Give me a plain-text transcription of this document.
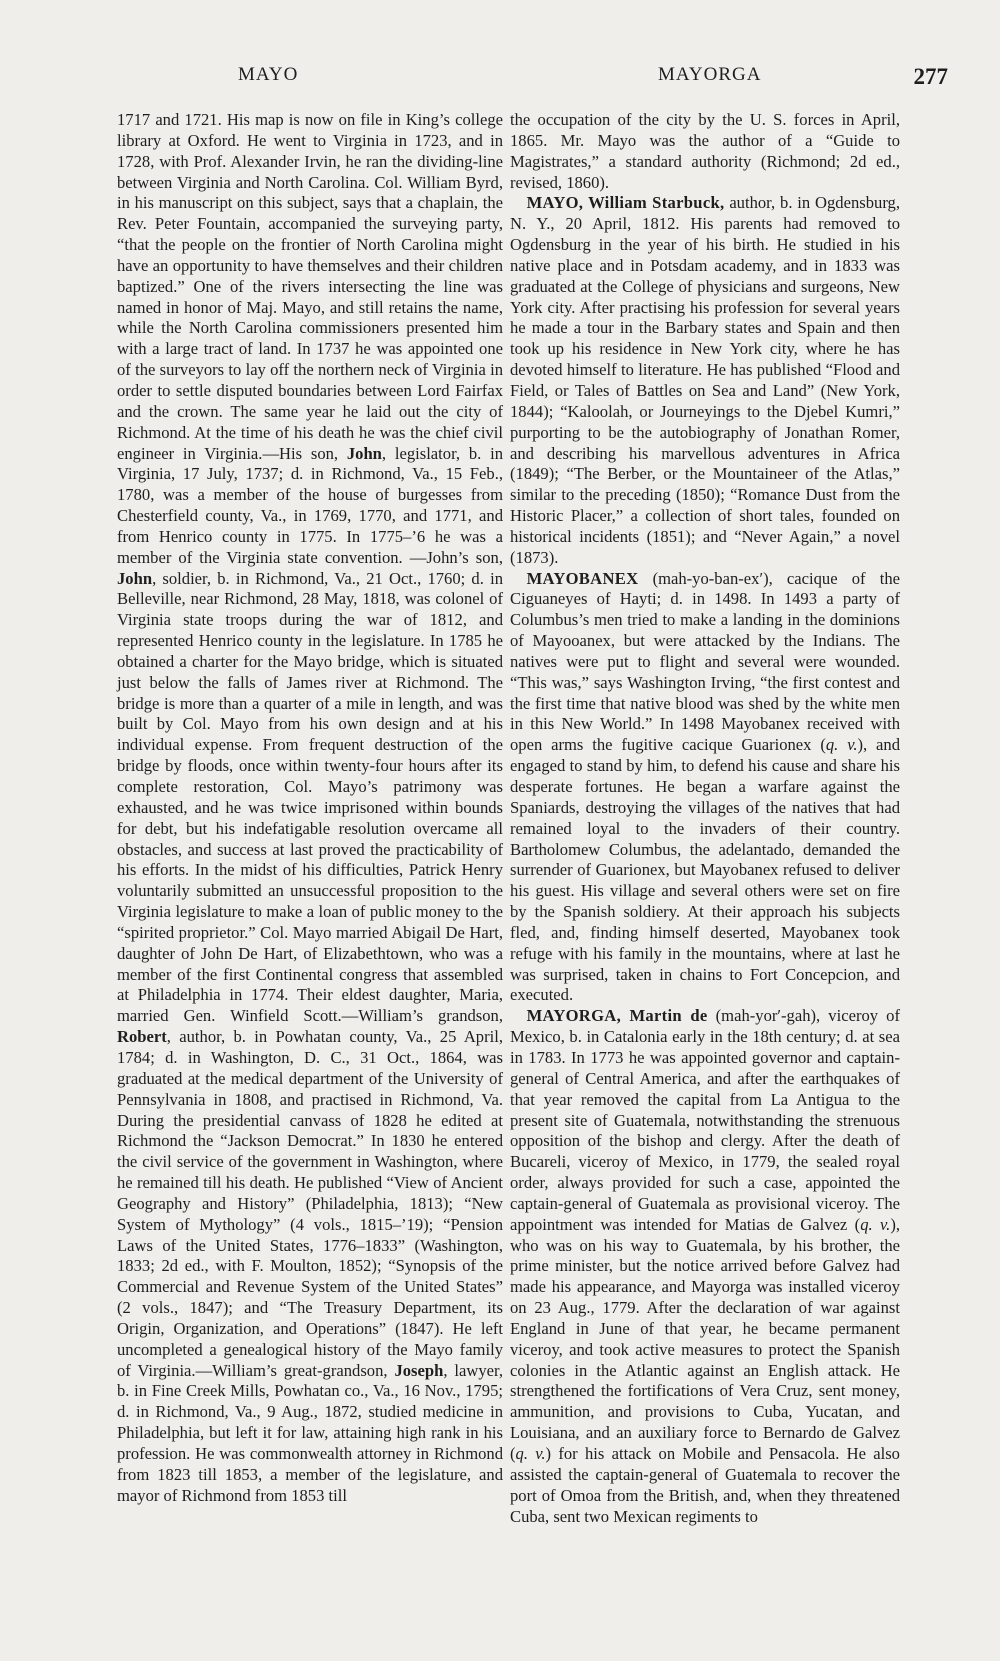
MAYO	MAYORGA	277

1717 and 1721. His map is now on file in King’s college library at Oxford. He went to Virginia in 1723, and in 1728, with Prof. Alexander Irvin, he ran the dividing-line between Virginia and North Carolina. Col. William Byrd, in his manuscript on this subject, says that a chaplain, the Rev. Peter Fountain, accompanied the surveying party, “that the people on the frontier of North Carolina might have an opportunity to have themselves and their children baptized.” One of the rivers intersecting the line was named in honor of Maj. Mayo, and still retains the name, while the North Carolina commissioners presented him with a large tract of land. In 1737 he was appointed one of the surveyors to lay off the northern neck of Virginia in order to settle disputed boundaries between Lord Fairfax and the crown. The same year he laid out the city of Richmond. At the time of his death he was the chief civil engineer in Virginia.—His son, John, legislator, b. in Virginia, 17 July, 1737; d. in Richmond, Va., 15 Feb., 1780, was a member of the house of burgesses from Chesterfield county, Va., in 1769, 1770, and 1771, and from Henrico county in 1775. In 1775–’6 he was a member of the Virginia state convention. —John’s son, John, soldier, b. in Richmond, Va., 21 Oct., 1760; d. in Belleville, near Richmond, 28 May, 1818, was colonel of Virginia state troops during the war of 1812, and represented Henrico county in the legislature. In 1785 he obtained a charter for the Mayo bridge, which is situated just below the falls of James river at Richmond. The bridge is more than a quarter of a mile in length, and was built by Col. Mayo from his own design and at his individual expense. From frequent destruction of the bridge by floods, once within twenty-four hours after its complete restoration, Col. Mayo’s patrimony was exhausted, and he was twice imprisoned within bounds for debt, but his indefatigable resolution overcame all obstacles, and success at last proved the practicability of his efforts. In the midst of his difficulties, Patrick Henry voluntarily submitted an unsuccessful proposition to the Virginia legislature to make a loan of public money to the “spirited proprietor.” Col. Mayo married Abigail De Hart, daughter of John De Hart, of Elizabethtown, who was a member of the first Continental congress that assembled at Philadelphia in 1774. Their eldest daughter, Maria, married Gen. Winfield Scott.—William’s grandson, Robert, author, b. in Powhatan county, Va., 25 April, 1784; d. in Washington, D. C., 31 Oct., 1864, was graduated at the medical department of the University of Pennsylvania in 1808, and practised in Richmond, Va. During the presidential canvass of 1828 he edited at Richmond the “Jackson Democrat.” In 1830 he entered the civil service of the government in Washington, where he remained till his death. He published “View of Ancient Geography and History” (Philadelphia, 1813); “New System of Mythology” (4 vols., 1815–’19); “Pension Laws of the United States, 1776–1833” (Washington, 1833; 2d ed., with F. Moulton, 1852); “Synopsis of the Commercial and Revenue System of the United States” (2 vols., 1847); and “The Treasury Department, its Origin, Organization, and Operations” (1847). He left uncompleted a genealogical history of the Mayo family of Virginia.—William’s great-grandson, Joseph, lawyer, b. in Fine Creek Mills, Powhatan co., Va., 16 Nov., 1795; d. in Richmond, Va., 9 Aug., 1872, studied medicine in Philadelphia, but left it for law, attaining high rank in his profession. He was commonwealth attorney in Richmond from 1823 till 1853, a member of the legislature, and mayor of Richmond from 1853 till

the occupation of the city by the U. S. forces in April, 1865. Mr. Mayo was the author of a “Guide to Magistrates,” a standard authority (Richmond; 2d ed., revised, 1860).

 MAYO, William Starbuck, author, b. in Ogdensburg, N. Y., 20 April, 1812. His parents had removed to Ogdensburg in the year of his birth. He studied in his native place and in Potsdam academy, and in 1833 was graduated at the College of physicians and surgeons, New York city. After practising his profession for several years he made a tour in the Barbary states and Spain and then took up his residence in New York city, where he has devoted himself to literature. He has published “Flood and Field, or Tales of Battles on Sea and Land” (New York, 1844); “Kaloolah, or Journeyings to the Djebel Kumri,” purporting to be the autobiography of Jonathan Romer, and describing his marvellous adventures in Africa (1849); “The Berber, or the Mountaineer of the Atlas,” similar to the preceding (1850); “Romance Dust from the Historic Placer,” a collection of short tales, founded on historical incidents (1851); and “Never Again,” a novel (1873).

 MAYOBANEX (mah-yo-ban-ex′), cacique of the Ciguaneyes of Hayti; d. in 1498. In 1493 a party of Columbus’s men tried to make a landing in the dominions of Mayooanex, but were attacked by the Indians. The natives were put to flight and several were wounded. “This was,” says Washington Irving, “the first contest and the first time that native blood was shed by the white men in this New World.” In 1498 Mayobanex received with open arms the fugitive cacique Guarionex (q. v.), and engaged to stand by him, to defend his cause and share his desperate fortunes. He began a warfare against the Spaniards, destroying the villages of the natives that had remained loyal to the invaders of their country. Bartholomew Columbus, the adelantado, demanded the surrender of Guarionex, but Mayobanex refused to deliver his guest. His village and several others were set on fire by the Spanish soldiery. At their approach his subjects fled, and, finding himself deserted, Mayobanex took refuge with his family in the mountains, where at last he was surprised, taken in chains to Fort Concepcion, and executed.

 MAYORGA, Martin de (mah-yor′-gah), viceroy of Mexico, b. in Catalonia early in the 18th century; d. at sea in 1783. In 1773 he was appointed governor and captain-general of Central America, and after the earthquakes of that year removed the capital from La Antigua to the present site of Guatemala, notwithstanding the strenuous opposition of the bishop and clergy. After the death of Bucareli, viceroy of Mexico, in 1779, the sealed royal order, always provided for such a case, appointed the captain-general of Guatemala as provisional viceroy. The appointment was intended for Matias de Galvez (q. v.), who was on his way to Guatemala, by his brother, the prime minister, but the notice arrived before Galvez had made his appearance, and Mayorga was installed viceroy on 23 Aug., 1779. After the declaration of war against England in June of that year, he became permanent viceroy, and took active measures to protect the Spanish colonies in the Atlantic against an English attack. He strengthened the fortifications of Vera Cruz, sent money, ammunition, and provisions to Cuba, Yucatan, and Louisiana, and an auxiliary force to Bernardo de Galvez (q. v.) for his attack on Mobile and Pensacola. He also assisted the captain-general of Guatemala to recover the port of Omoa from the British, and, when they threatened Cuba, sent two Mexican regiments to
